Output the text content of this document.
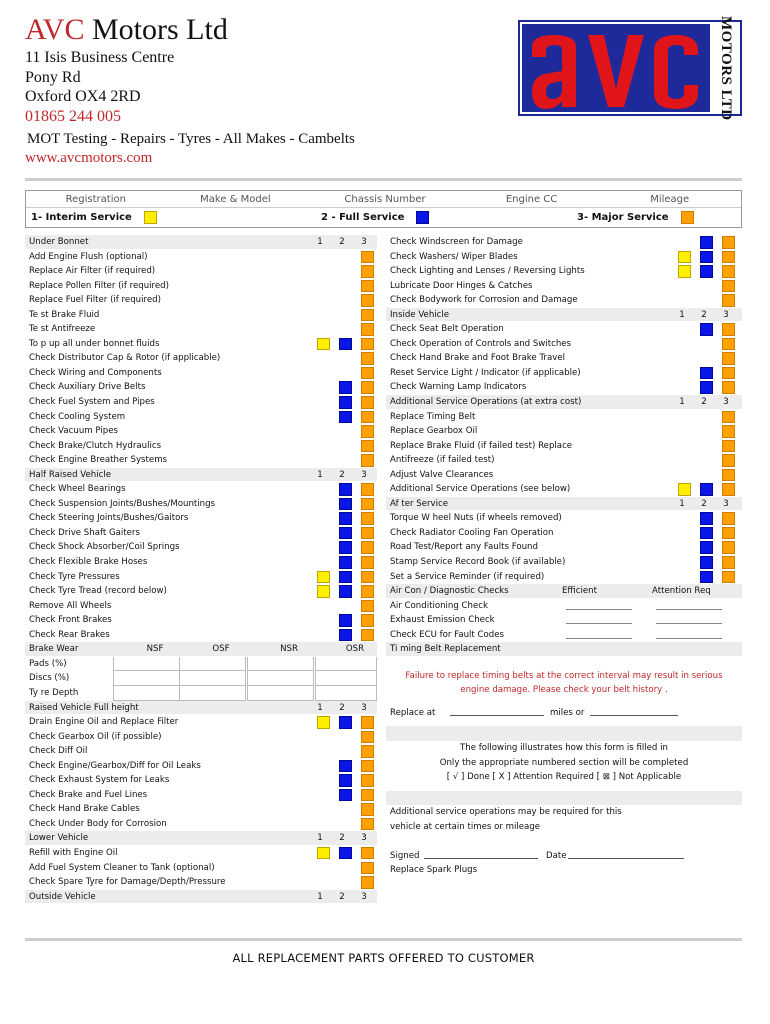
AVC Motors Ltd
11 Isis Business Centre
Pony Rd
Oxford OX4 2RD
01865 244 005
MOT Testing - Repairs - Tyres - All Makes - Cambelts
www.avcmotors.com
MOTORS LTD
Registration	Make & Model	Chassis Number	Engine CC	Mileage
1- Interim Service	2 - Full Service	3- Major Service
Under Bonnet	1 2 3
Add Engine Flush (optional)
Replace Air Filter (if required)
Replace Pollen Filter (if required)
Replace Fuel Filter (if required)
Te st Brake Fluid
Te st Antifreeze
To p up all under bonnet fluids
Check Distributor Cap & Rotor (if applicable)
Check Wiring and Components
Check Auxiliary Drive Belts
Check Fuel System and Pipes
Check Cooling System
Check Vacuum Pipes
Check Brake/Clutch Hydraulics
Check Engine Breather Systems
Half Raised Vehicle	1 2 3
Check Wheel Bearings
Check Suspension Joints/Bushes/Mountings
Check Steering Joints/Bushes/Gaitors
Check Drive Shaft Gaiters
Check Shock Absorber/Coil Springs
Check Flexible Brake Hoses
Check Tyre Pressures
Check Tyre Tread (record below)
Remove All Wheels
Check Front Brakes
Check Rear Brakes
Brake Wear	NSF	OSF	NSR	OSR
Pads (%)
Discs (%)
Ty re Depth
Raised Vehicle Full height	1 2 3
Drain Engine Oil and Replace Filter
Check Gearbox Oil (if possible)
Check Diff Oil
Check Engine/Gearbox/Diff for Oil Leaks
Check Exhaust System for Leaks
Check Brake and Fuel Lines
Check Hand Brake Cables
Check Under Body for Corrosion
Lower Vehicle	1 2 3
Refill with Engine Oil
Add Fuel System Cleaner to Tank (optional)
Check Spare Tyre for Damage/Depth/Pressure
Outside Vehicle	1 2 3
Check Windscreen for Damage
Check Washers/ Wiper Blades
Check Lighting and Lenses / Reversing Lights
Lubricate Door Hinges & Catches
Check Bodywork for Corrosion and Damage
Inside Vehicle	1 2 3
Check Seat Belt Operation
Check Operation of Controls and Switches
Check Hand Brake and Foot Brake Travel
Reset Service Light / Indicator (if applicable)
Check Warning Lamp Indicators
Additional Service Operations (at extra cost)	1 2 3
Replace Timing Belt
Replace Gearbox Oil
Replace Brake Fluid (if failed test) Replace
Antifreeze (if failed test)
Adjust Valve Clearances
Additional Service Operations (see below)
Af ter Service	1 2 3
Torque W heel Nuts (if wheels removed)
Check Radiator Cooling Fan Operation
Road Test/Report any Faults Found
Stamp Service Record Book (if available)
Set a Service Reminder (if required)
Air Con / Diagnostic Checks	Efficient	Attention Req
Air Conditioning Check
Exhaust Emission Check
Check ECU for Fault Codes
Ti ming Belt Replacement
Failure to replace timing belts at the correct interval may result in serious
engine damage. Please check your belt history .
Replace at	miles or
The following illustrates how this form is filled in
Only the appropriate numbered section will be completed
[ √ ] Done [ X ] Attention Required [ ⊠ ] Not Applicable
Additional service operations may be required for this
vehicle at certain times or mileage
Signed	Date
Replace Spark Plugs
ALL REPLACEMENT PARTS OFFERED TO CUSTOMER
